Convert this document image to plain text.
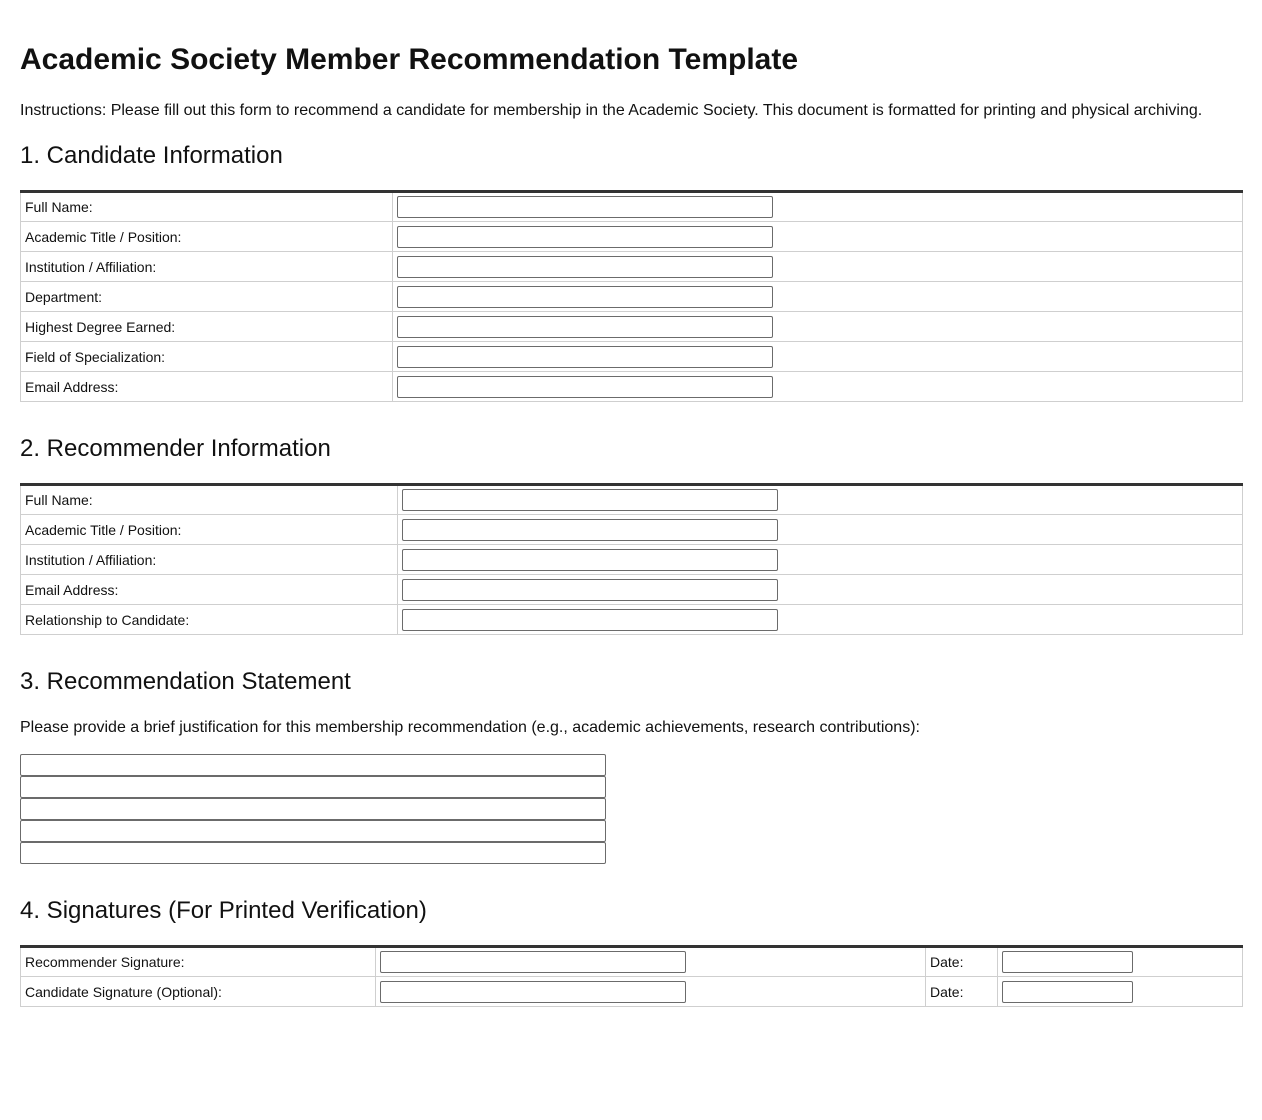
Academic Society Member Recommendation Template

Instructions: Please fill out this form to recommend a candidate for membership in the Academic Society. This document is formatted for printing and physical archiving.

1. Candidate Information
Full Name:	

Academic Title / Position:	

Institution / Affiliation:	

Department:	

Highest Degree Earned:	

Field of Specialization:	

Email Address:	
2. Recommender Information
Full Name:	

Academic Title / Position:	

Institution / Affiliation:	

Email Address:	

Relationship to Candidate:	
3. Recommendation Statement

Please provide a brief justification for this membership recommendation (e.g., academic achievements, research contributions):

4. Signatures (For Printed Verification)
Recommender Signature:		Date:	

Candidate Signature (Optional):		Date:	
